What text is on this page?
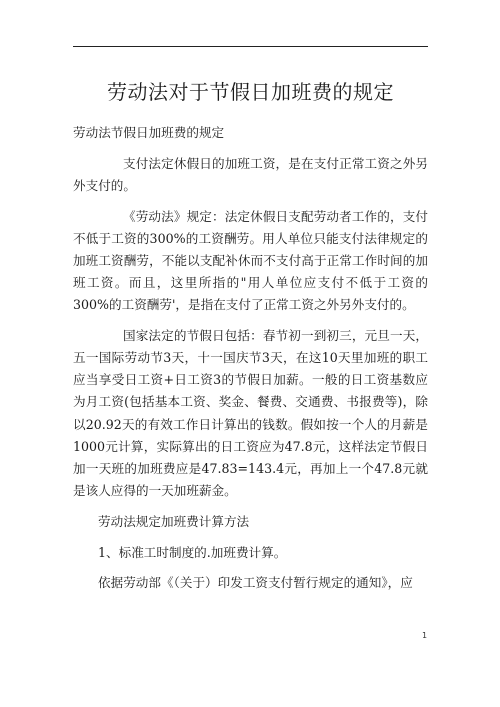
劳动法对于节假日加班费的规定

劳动法节假日加班费的规定

支付法定休假日的加班工资，是在支付正常工资之外另外支付的。

《劳动法》规定：法定休假日支配劳动者工作的，支付不低于工资的300%的工资酬劳。用人单位只能支付法律规定的加班工资酬劳，不能以支配补休而不支付高于正常工作时间的加班工资。而且，这里所指的"用人单位应支付不低于工资的300%的工资酬劳'，是指在支付了正常工资之外另外支付的。

国家法定的节假日包括：春节初一到初三，元旦一天，五一国际劳动节3天，十一国庆节3天，在这10天里加班的职工应当享受日工资+日工资3的节假日加薪。一般的日工资基数应为月工资(包括基本工资、奖金、餐费、交通费、书报费等)，除以20.92天的有效工作日计算出的钱数。假如按一个人的月薪是1000元计算，实际算出的日工资应为47.8元，这样法定节假日加一天班的加班费应是47.83=143.4元，再加上一个47.8元就是该人应得的一天加班薪金。

劳动法规定加班费计算方法

1、标准工时制度的.加班费计算。

依据劳动部《（关于）印发工资支付暂行规定的通知》，应

1
